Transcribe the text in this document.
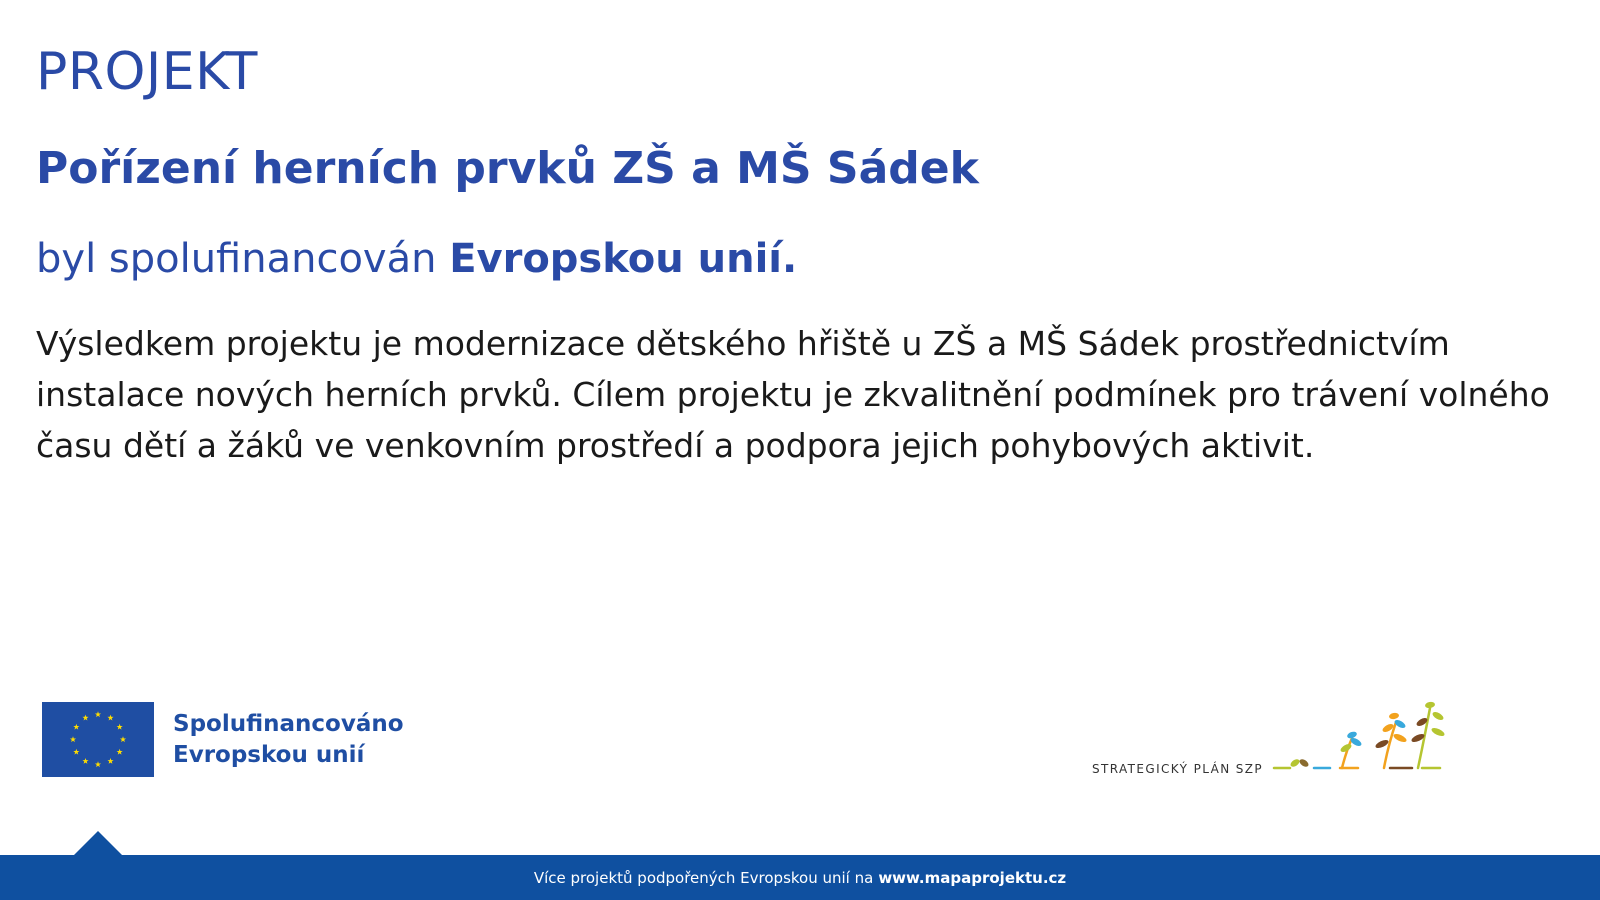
PROJEKT
Pořízení herních prvků ZŠ a MŠ Sádek

byl spolufinancován Evropskou unií.

Výsledkem projektu je modernizace dětského hřiště u ZŠ a MŠ Sádek prostřednictvím instalace nových herních prvků. Cílem projektu je zkvalitnění podmínek pro trávení volného času dětí a žáků ve venkovním prostředí a podpora jejich pohybových aktivit.

Spolufinancováno
Evropskou unií
STRATEGICKÝ PLÁN SZP
Více projektů podpořených Evropskou unií na www.mapaprojektu.cz
